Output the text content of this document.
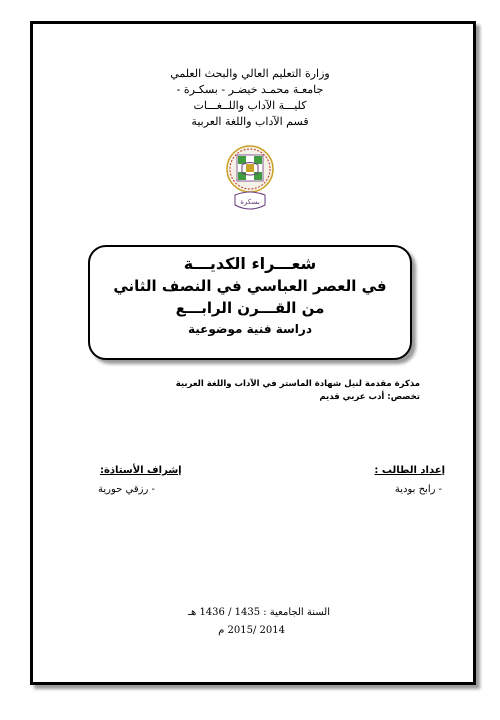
وزارة التعليم العالي والبحث العلمي
جامعـة محمـد خيضـر - بسكـرة -
كليـــة الآداب واللــغـــات
قسم الآداب واللغة العربية
بسكرة
شعـــراء الكديـــة
في العصر العباسي في النصف الثاني
من القـــرن الرابـــع
دراسة فنية موضوعية
مذكرة مقدمة لنيل شهادة الماستر في الآداب واللغة العربية
تخصص: أدب عربي قديم
إعداد الطالب :
- رابح بودية
إشراف الأستاذة:
- رزقي حورية
السنة الجامعية : 1435 / 1436 هـ
2014 /2015 م
